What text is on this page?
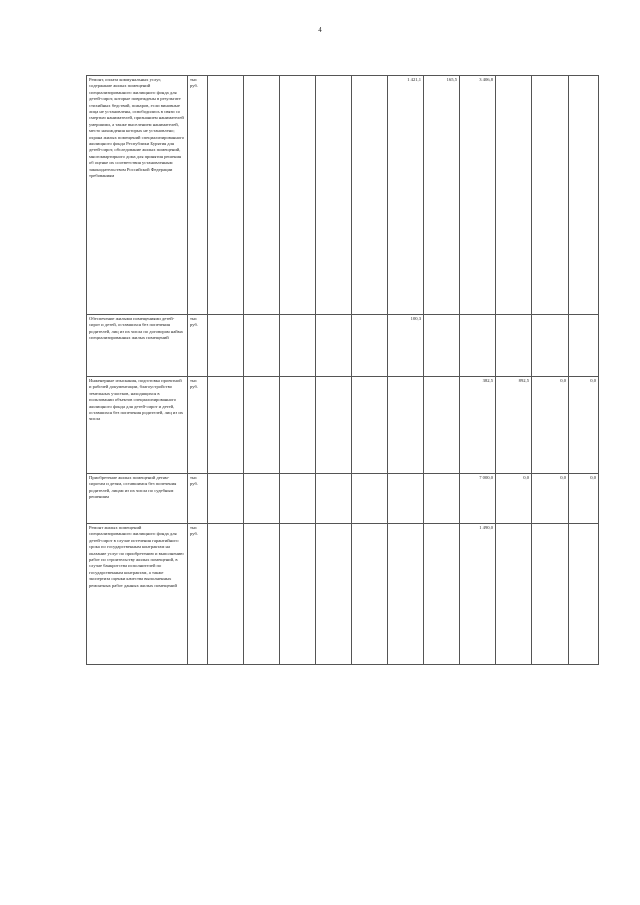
4
Ремонт, оплата коммунальных услуг, содержание жилых помещений специализированного жилищного фонда для детей-сирот, которые повреждены в результате стихийных бедствий, пожаров, если виновные лица не установлены, освободились в связи со смертью нанимателей, признанием нанимателей умершими, а также выселением нанимателей, место нахождения которых не установлено; охрана жилых помещений специализированного жилищного фонда Республики Бурятия для детей-сирот, обследование жилых помещений, многоквартирного дома для принятия решения об оценке их соответствия установленным законодательством Российской Федерации требованиям	тыс руб.						1 421,1	165,5	3 406,8			
Обеспечение жилыми помещениями детей-сирот и детей, оставшихся без попечения родителей, лиц из их числа по договорам найма специализированных жилых помещений	тыс руб.						100,3					
Инженерные изыскания, подготовка проектной и рабочей документации, благоустройство земельных участков, находящихся в пользовании объектов специализированного жилищного фонда для детей-сирот и детей, оставшихся без попечения родителей, лиц из их числа	тыс руб.								382,5	892,5	0,0	0,0
Приобретение жилых помещений детям-сиротам и детям, оставшимся без попечения родителей, лицам из их числа по судебным решениям	тыс руб.								7 000,0	0,0	0,0	0,0
Ремонт жилых помещений специализированного жилищного фонда для детей-сирот в случае истечения гарантийного срока по государственным контрактам на оказание услуг по приобретению и выполнению работ по строительству жилых помещений, в случае банкротства исполнителей по государственным контрактам, а также экспертиза оценки качества выполненных ремонтных работ данных жилых помещений	тыс руб.								1 490,0			
